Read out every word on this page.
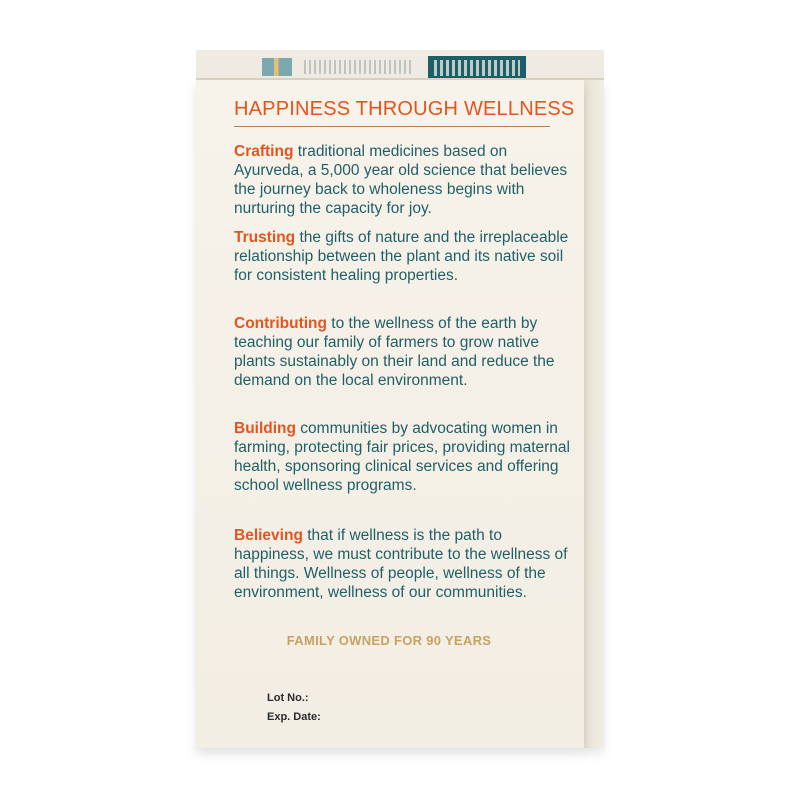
HAPPINESS THROUGH WELLNESS
Crafting traditional medicines based on Ayurveda, a 5,000 year old science that believes the journey back to wholeness begins with nurturing the capacity for joy.
Trusting the gifts of nature and the irreplaceable relationship between the plant and its native soil for consistent healing properties.
Contributing to the wellness of the earth by teaching our family of farmers to grow native plants sustainably on their land and reduce the demand on the local environment.
Building communities by advocating women in farming, protecting fair prices, providing maternal health, sponsoring clinical services and offering school wellness programs.
Believing that if wellness is the path to happiness, we must contribute to the wellness of all things. Wellness of people, wellness of the environment, wellness of our communities.
FAMILY OWNED FOR 90 YEARS
Lot No.:
Exp. Date:
